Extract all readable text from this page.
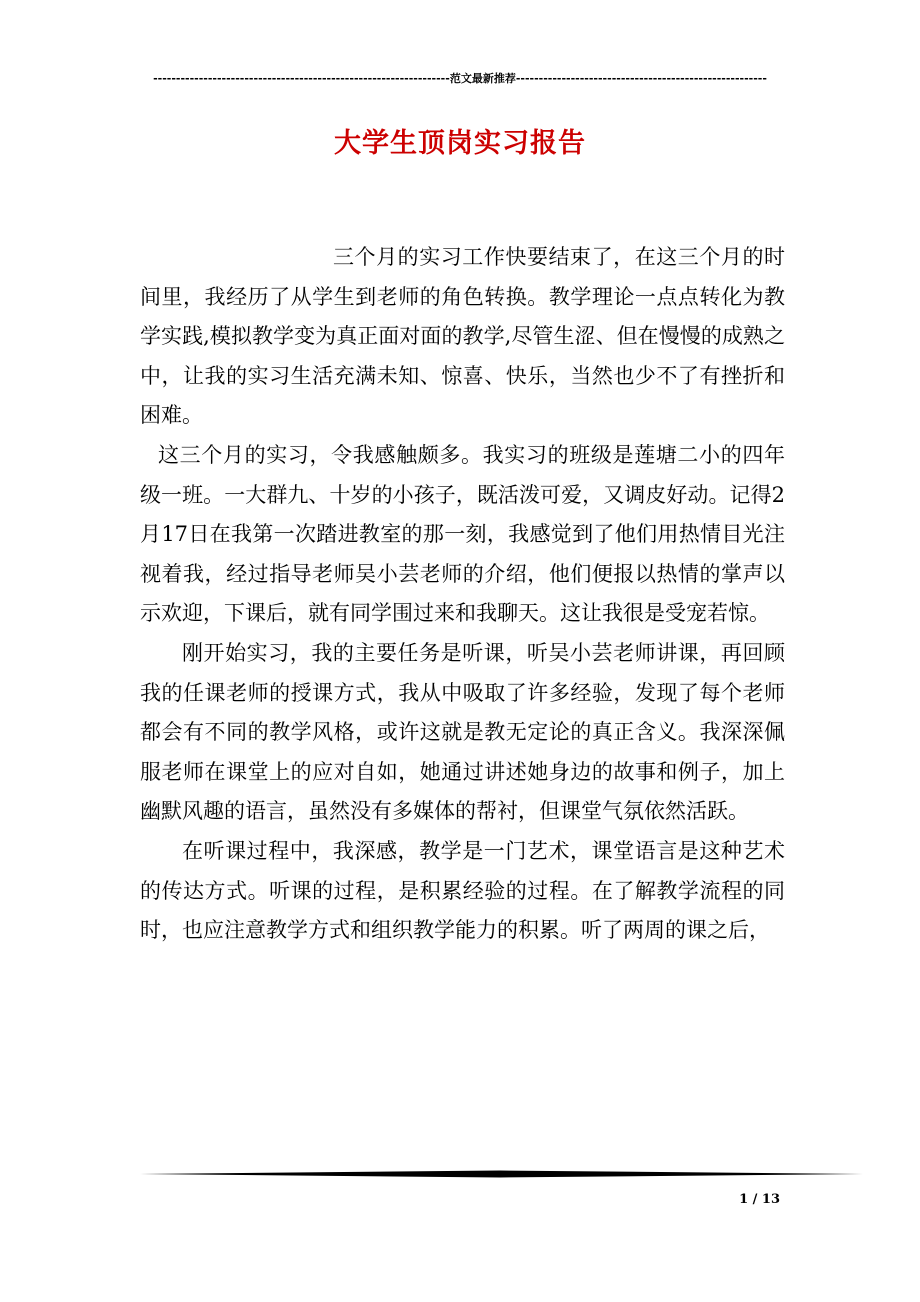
-----------------------------------------------------------------范文最新推荐-------------------------------------------------------
大学生顶岗实习报告

三个月的实习工作快要结束了，在这三个月的时间里，我经历了从学生到老师的角色转换。教学理论一点点转化为教学实践,模拟教学变为真正面对面的教学,尽管生涩、但在慢慢的成熟之中，让我的实习生活充满未知、惊喜、快乐，当然也少不了有挫折和困难。

这三个月的实习，令我感触颇多。我实习的班级是莲塘二小的四年级一班。一大群九、十岁的小孩子，既活泼可爱，又调皮好动。记得2月17日在我第一次踏进教室的那一刻，我感觉到了他们用热情目光注视着我，经过指导老师吴小芸老师的介绍，他们便报以热情的掌声以示欢迎，下课后，就有同学围过来和我聊天。这让我很是受宠若惊。

刚开始实习，我的主要任务是听课，听吴小芸老师讲课，再回顾我的任课老师的授课方式，我从中吸取了许多经验，发现了每个老师都会有不同的教学风格，或许这就是教无定论的真正含义。我深深佩服老师在课堂上的应对自如，她通过讲述她身边的故事和例子，加上幽默风趣的语言，虽然没有多媒体的帮衬，但课堂气氛依然活跃。

在听课过程中，我深感，教学是一门艺术，课堂语言是这种艺术的传达方式。听课的过程，是积累经验的过程。在了解教学流程的同时，也应注意教学方式和组织教学能力的积累。听了两周的课之后，

1 / 13
